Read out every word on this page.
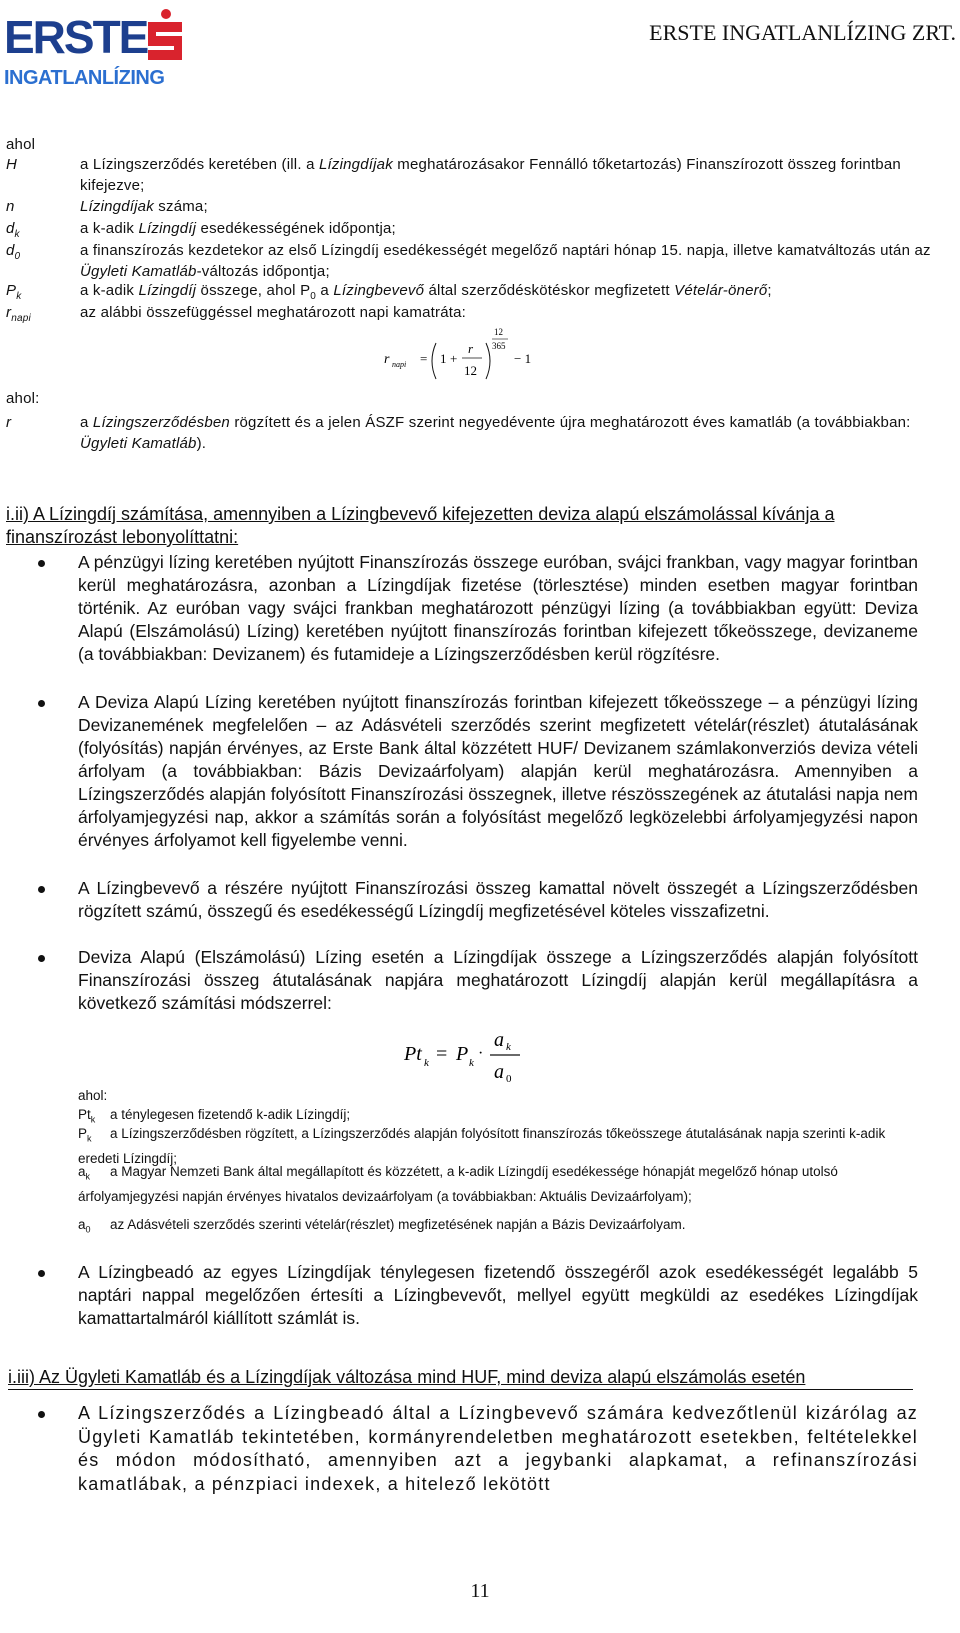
ERSTE
INGATLANLÍZING
ERSTE INGATLANLÍZING ZRT.
ahol
H	a Lízingszerződés keretében (ill. a Lízingdíjak meghatározásakor Fennálló tőketartozás) Finanszírozott összeg forintban kifejezve;
n	Lízingdíjak száma;
$d_k$	a k-adik Lízingdíj esedékességének időpontja;
$d_0$	a finanszírozás kezdetekor az első Lízingdíj esedékességét megelőző naptári hónap 15. napja, illetve kamatváltozás után az Ügyleti Kamatláb-változás időpontja;
$P_k$	a k-adik Lízingdíj összege, ahol $P_0$ a Lízingbevevő által szerződéskötéskor megfizetett Vételár-önerő;
$r_{napi}$	az alábbi összefüggéssel meghatározott napi kamatráta:
ahol:
r	a Lízingszerződésben rögzített és a jelen ÁSZF szerint negyedévente újra meghatározott éves kamatláb (a továbbiakban: Ügyleti Kamatláb).
r napi = 1 +
r
12
12
365
− 1
i.ii) A Lízingdíj számítása, amennyiben a Lízingbevevő kifejezetten deviza alapú elszámolással kívánja a finanszírozást lebonyolíttatni:
A pénzügyi lízing keretében nyújtott Finanszírozás összege euróban, svájci frankban, vagy magyar forintban kerül meghatározásra, azonban a Lízingdíjak fizetése (törlesztése) minden esetben magyar forintban történik. Az euróban vagy svájci frankban meghatározott pénzügyi lízing (a továbbiakban együtt: Deviza Alapú (Elszámolású) Lízing) keretében nyújtott finanszírozás forintban kifejezett tőkeösszege, devizaneme (a továbbiakban: Devizanem) és futamideje a Lízingszerződésben kerül rögzítésre.
A Deviza Alapú Lízing keretében nyújtott finanszírozás forintban kifejezett tőkeösszege – a pénzügyi lízing Devizanemének megfelelően – az Adásvételi szerződés szerint megfizetett vételár(részlet) átutalásának (folyósítás) napján érvényes, az Erste Bank által közzétett HUF/ Devizanem számlakonverziós deviza vételi árfolyam (a továbbiakban: Bázis Devizaárfolyam) alapján kerül meghatározásra. Amennyiben a Lízingszerződés alapján folyósított Finanszírozási összegnek, illetve részösszegének az átutalási napja nem árfolyamjegyzési nap, akkor a számítás során a folyósítást megelőző legközelebbi árfolyamjegyzési napon érvényes árfolyamot kell figyelembe venni.
A Lízingbevevő a részére nyújtott Finanszírozási összeg kamattal növelt összegét a Lízingszerződésben rögzített számú, összegű és esedékességű Lízingdíj megfizetésével köteles visszafizetni.
Deviza Alapú (Elszámolású) Lízing esetén a Lízingdíjak összege a Lízingszerződés alapján folyósított Finanszírozási összeg átutalásának napjára meghatározott Lízingdíj alapján kerül megállapításra a következő számítási módszerrel:
Pt k = P k
·
a k
a 0
ahol:
$Pt_k$ a ténylegesen fizetendő k-adik Lízingdíj;
$P_k$ a Lízingszerződésben rögzített, a Lízingszerződés alapján folyósított finanszírozás tőkeösszege átutalásának napja szerinti k-adik eredeti Lízingdíj;
$a_k$ a Magyar Nemzeti Bank által megállapított és közzétett, a k-adik Lízingdíj esedékessége hónapját megelőző hónap utolsó árfolyamjegyzési napján érvényes hivatalos devizaárfolyam (a továbbiakban: Aktuális Devizaárfolyam);
$a_0$ az Adásvételi szerződés szerinti vételár(részlet) megfizetésének napján a Bázis Devizaárfolyam.
A Lízingbeadó az egyes Lízingdíjak ténylegesen fizetendő összegéről azok esedékességét legalább 5 naptári nappal megelőzően értesíti a Lízingbevevőt, mellyel együtt megküldi az esedékes Lízingdíjak kamattartalmáról kiállított számlát is.
i.iii) Az Ügyleti Kamatláb és a Lízingdíjak változása mind HUF, mind deviza alapú elszámolás esetén
A Lízingszerződés a Lízingbeadó által a Lízingbevevő számára kedvezőtlenül kizárólag az Ügyleti Kamatláb tekintetében, kormányrendeletben meghatározott esetekben, feltételekkel és módon módosítható, amennyiben azt a jegybanki alapkamat, a refinanszírozási kamatlábak, a pénzpiaci indexek, a hitelező lekötött
11
